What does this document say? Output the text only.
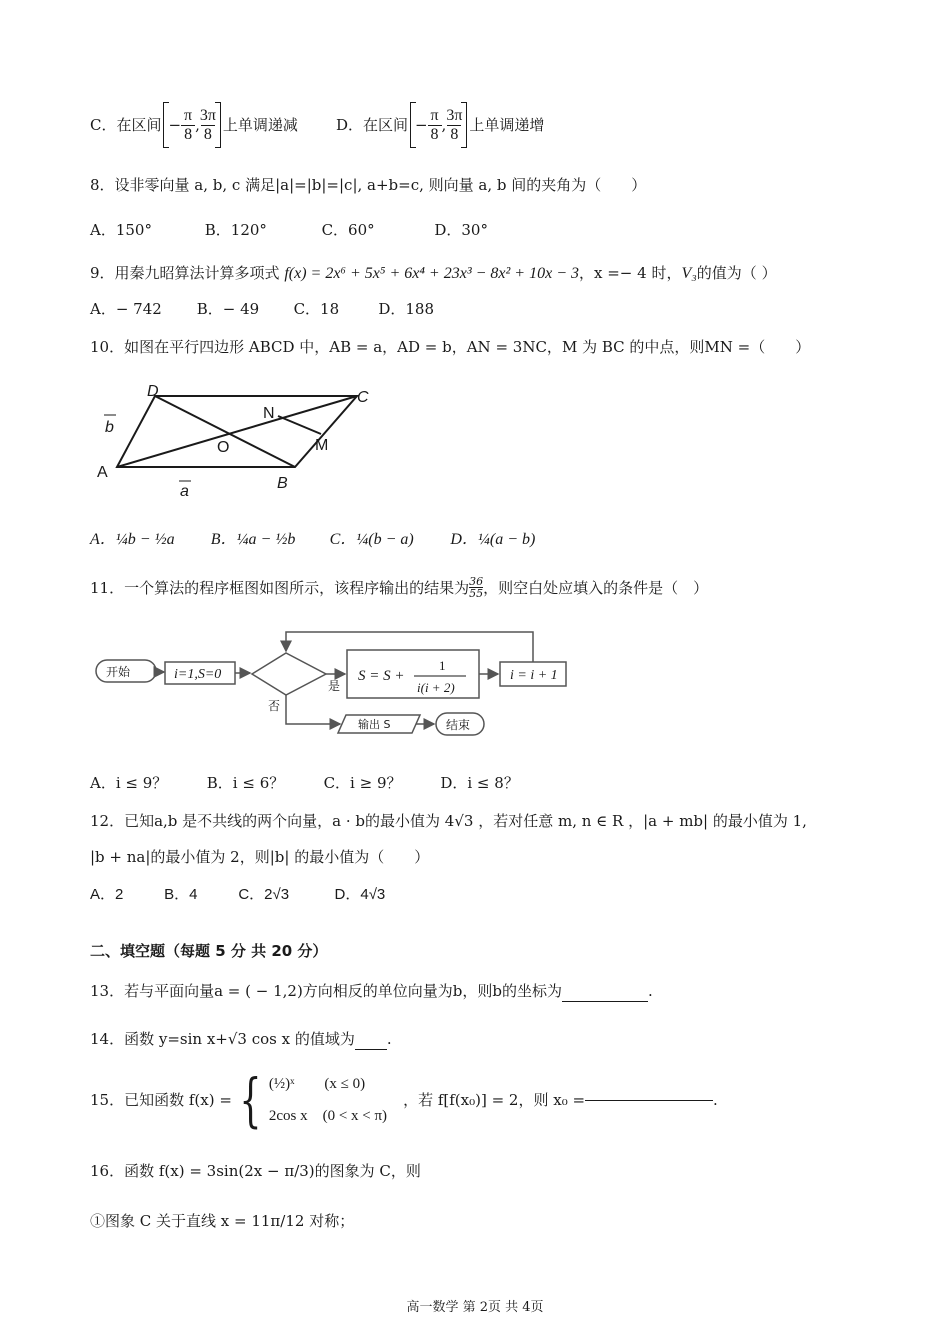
C．在区间 − $\frac{\pi}{8}$ ,
3π
8 上单调递减	D．在区间 − $\frac{\pi}{8}$ ,
3π
8 上单调递增
8．设非零向量 a, b, c 满足|a|=|b|=|c|, a+b=c, 则向量 a, b 间的夹角为（　　）
A．150°	B．120°	C．60°	D．30°
9．用秦九昭算法计算多项式 f(x) = 2x⁶ + 5x⁵ + 6x⁴ + 23x³ − 8x² + 10x − 3，x =− 4 时，V₃的值为（ ）
A．− 742 B．− 49 C．18	D．188
10．如图在平行四边形 ABCD 中，AB = a，AD = b，AN = 3NC，M 为 BC 的中点，则MN =（　　）
A
B
C
D
N
O	M
a
b
A．¼b − ½a B．¼a − ½b C．¼(b − a) D．¼(a − b)
11．一个算法的程序框图如图所示，该程序输出的结果为 $\frac{36}{55}$ ，则空白处应填入的条件是（　）
开始	i=1,S=0
是
否
S = S +
1
i(i + 2)
i = i + 1
输出 S	结束
A．i ≤ 9？	B．i ≤ 6？	C．i ≥ 9？	D．i ≤ 8？
12．已知a,b 是不共线的两个向量，a · b的最小值为 4√3 ，若对任意 m, n ∈ R ，|a + mb| 的最小值为 1,
|b + na|的最小值为 2，则|b| 的最小值为（　　）
A．2	B．4	C．2√3	D．4√3
二、填空题（每题 5 分 共 20 分）
13．若与平面向量a = ( − 1,2)方向相反的单位向量为b，则b的坐标为	.
14．函数 y=sin x+√3 cos x 的值域为 .
15．已知函数 f(x) = { (½)ˣ　　(x ≤ 0)
2cos x　(0 < x < π)
，若 f[f(x₀)] = 2，则 x₀ =	.
16．函数 f(x) = 3sin(2x − π/3)的图象为 C，则
①图象 C 关于直线 x = 11π/12 对称；
高一数学 第 2页 共 4页
